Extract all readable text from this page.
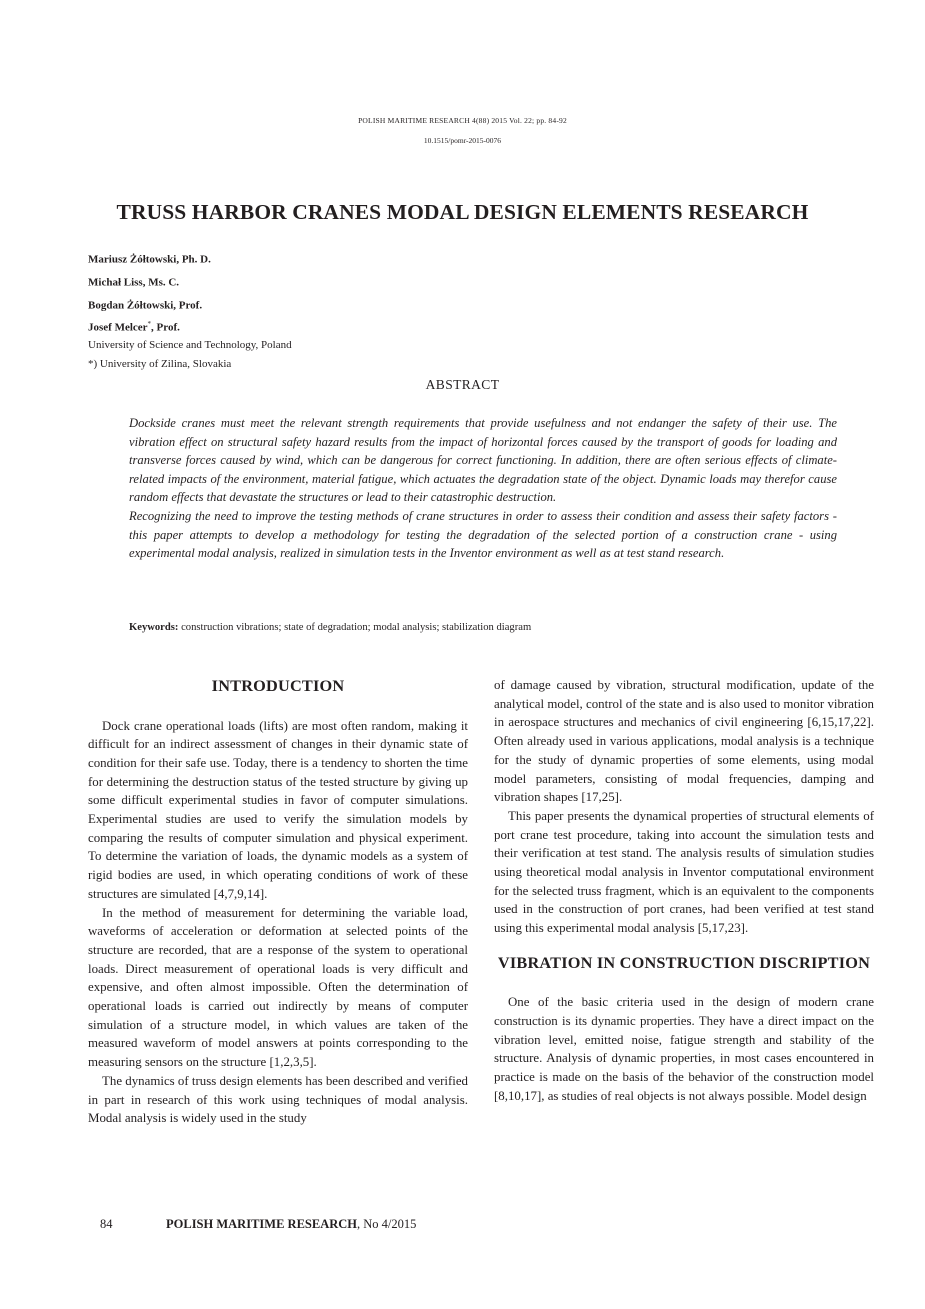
POLISH MARITIME RESEARCH 4(88) 2015 Vol. 22; pp. 84-92
10.1515/pomr-2015-0076
TRUSS HARBOR CRANES MODAL DESIGN ELEMENTS RESEARCH
Mariusz Żółtowski, Ph. D.
Michał Liss, Ms. C.
Bogdan Żółtowski, Prof.
Josef Melcer*, Prof.
University of Science and Technology, Poland
*) University of Zilina, Slovakia
ABSTRACT

Dockside cranes must meet the relevant strength requirements that provide usefulness and not endanger the safety of their use. The vibration effect on structural safety hazard results from the impact of horizontal forces caused by the transport of goods for loading and transverse forces caused by wind, which can be dangerous for correct functioning. In addition, there are often serious effects of climate-related impacts of the environment, material fatigue, which actuates the degradation state of the object. Dynamic loads may therefor cause random effects that devastate the structures or lead to their catastrophic destruction.

Recognizing the need to improve the testing methods of crane structures in order to assess their condition and assess their safety factors - this paper attempts to develop a methodology for testing the degradation of the selected portion of a construction crane - using experimental modal analysis, realized in simulation tests in the Inventor environment as well as at test stand research.

Keywords: construction vibrations; state of degradation; modal analysis; stabilization diagram
INTRODUCTION

Dock crane operational loads (lifts) are most often random, making it difficult for an indirect assessment of changes in their dynamic state of condition for their safe use. Today, there is a tendency to shorten the time for determining the destruction status of the tested structure by giving up some difficult experimental studies in favor of computer simulations. Experimental studies are used to verify the simulation models by comparing the results of computer simulation and physical experiment. To determine the variation of loads, the dynamic models as a system of rigid bodies are used, in which operating conditions of work of these structures are simulated [4,7,9,14].

In the method of measurement for determining the variable load, waveforms of acceleration or deformation at selected points of the structure are recorded, that are a response of the system to operational loads. Direct measurement of operational loads is very difficult and expensive, and often almost impossible. Often the determination of operational loads is carried out indirectly by means of computer simulation of a structure model, in which values are taken of the measured waveform of model answers at points corresponding to the measuring sensors on the structure [1,2,3,5].

The dynamics of truss design elements has been described and verified in part in research of this work using techniques of modal analysis. Modal analysis is widely used in the study

of damage caused by vibration, structural modification, update of the analytical model, control of the state and is also used to monitor vibration in aerospace structures and mechanics of civil engineering [6,15,17,22]. Often already used in various applications, modal analysis is a technique for the study of dynamic properties of some elements, using modal model parameters, consisting of modal frequencies, damping and vibration shapes [17,25].

This paper presents the dynamical properties of structural elements of port crane test procedure, taking into account the simulation tests and their verification at test stand. The analysis results of simulation studies using theoretical modal analysis in Inventor computational environment for the selected truss fragment, which is an equivalent to the components used in the construction of port cranes, had been verified at test stand using this experimental modal analysis [5,17,23].

VIBRATION IN CONSTRUCTION DISCRIPTION

One of the basic criteria used in the design of modern crane construction is its dynamic properties. They have a direct impact on the vibration level, emitted noise, fatigue strength and stability of the structure. Analysis of dynamic properties, in most cases encountered in practice is made on the basis of the behavior of the construction model [8,10,17], as studies of real objects is not always possible. Model design

84	POLISH MARITIME RESEARCH, No 4/2015
